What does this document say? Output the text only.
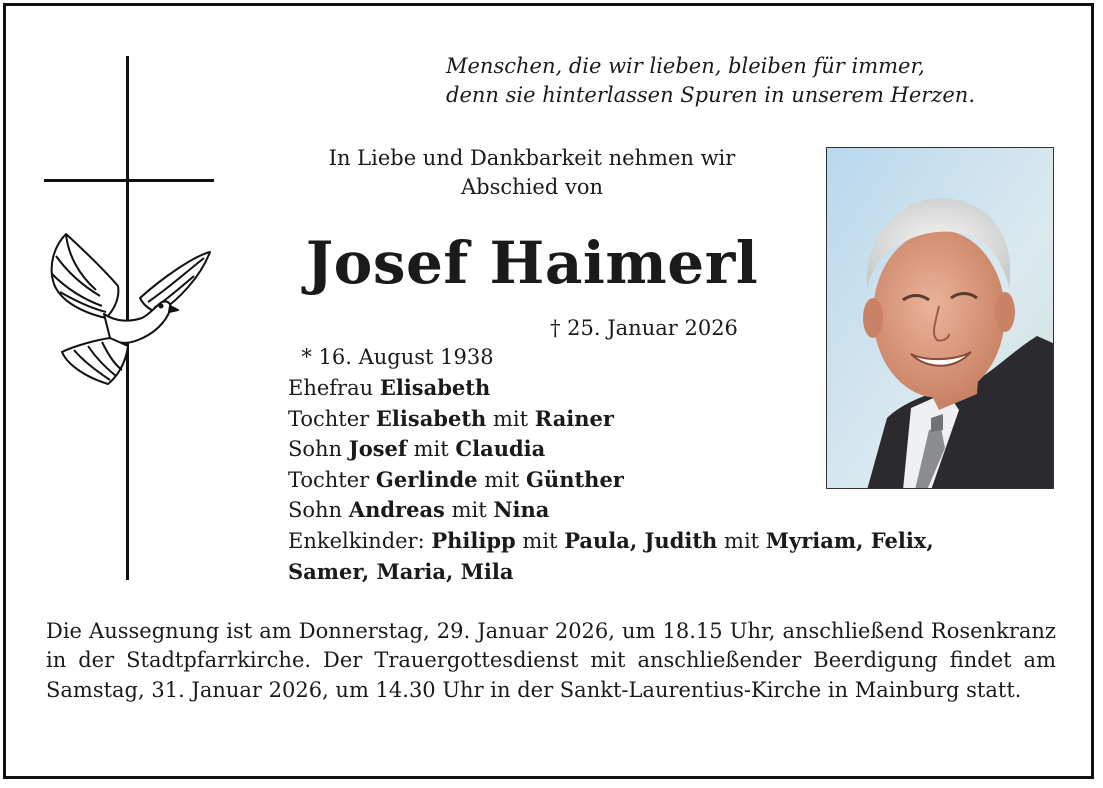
Menschen, die wir lieben, bleiben für immer,
denn sie hinterlassen Spuren in unserem Herzen.
In Liebe und Dankbarkeit nehmen wir
Abschied von
Josef Haimerl

* 16. August 1938

† 25. Januar 2026

Ehefrau Elisabeth
Tochter Elisabeth mit Rainer
Sohn Josef mit Claudia
Tochter Gerlinde mit Günther
Sohn Andreas mit Nina
Enkelkinder: Philipp mit Paula, Judith mit Myriam, Felix,
Samer, Maria, Mila
Die Aussegnung ist am Donnerstag, 29. Januar 2026, um 18.15 Uhr, anschließend Rosenkranz in der Stadtpfarrkirche. Der Trauergottesdienst mit anschließender Beerdigung findet am Samstag, 31. Januar 2026, um 14.30 Uhr in der Sankt-Laurentius-Kirche in Mainburg statt.
